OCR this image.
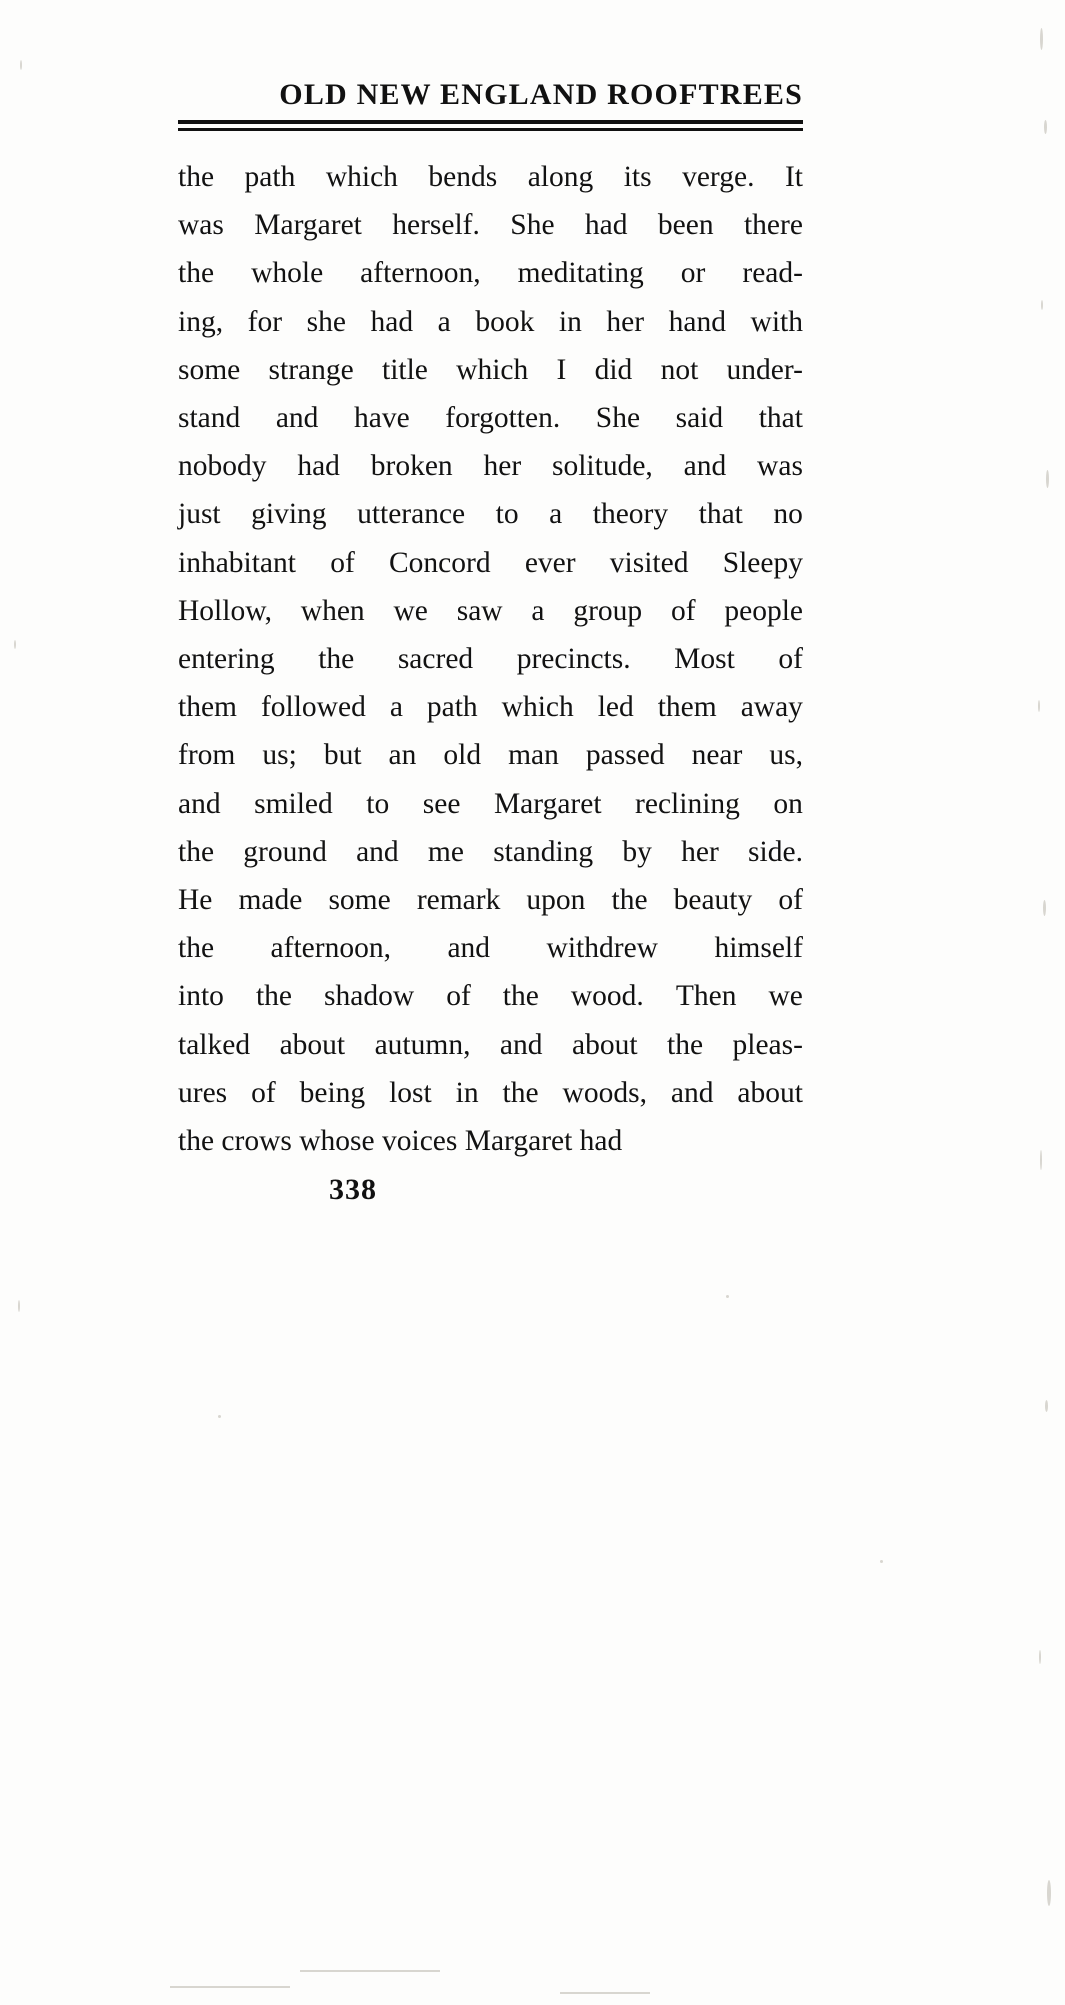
OLD NEW ENGLAND ROOFTREES
the path which bends along its verge. It
was Margaret herself. She had been there
the whole afternoon, meditating or read-
ing, for she had a book in her hand with
some strange title which I did not under-
stand and have forgotten. She said that
nobody had broken her solitude, and was
just giving utterance to a theory that no
inhabitant of Concord ever visited Sleepy
Hollow, when we saw a group of people
entering the sacred precincts. Most of
them followed a path which led them away
from us; but an old man passed near us,
and smiled to see Margaret reclining on
the ground and me standing by her side.
He made some remark upon the beauty of
the afternoon, and withdrew himself
into the shadow of the wood. Then we
talked about autumn, and about the pleas-
ures of being lost in the woods, and about
the crows whose voices Margaret had
338
